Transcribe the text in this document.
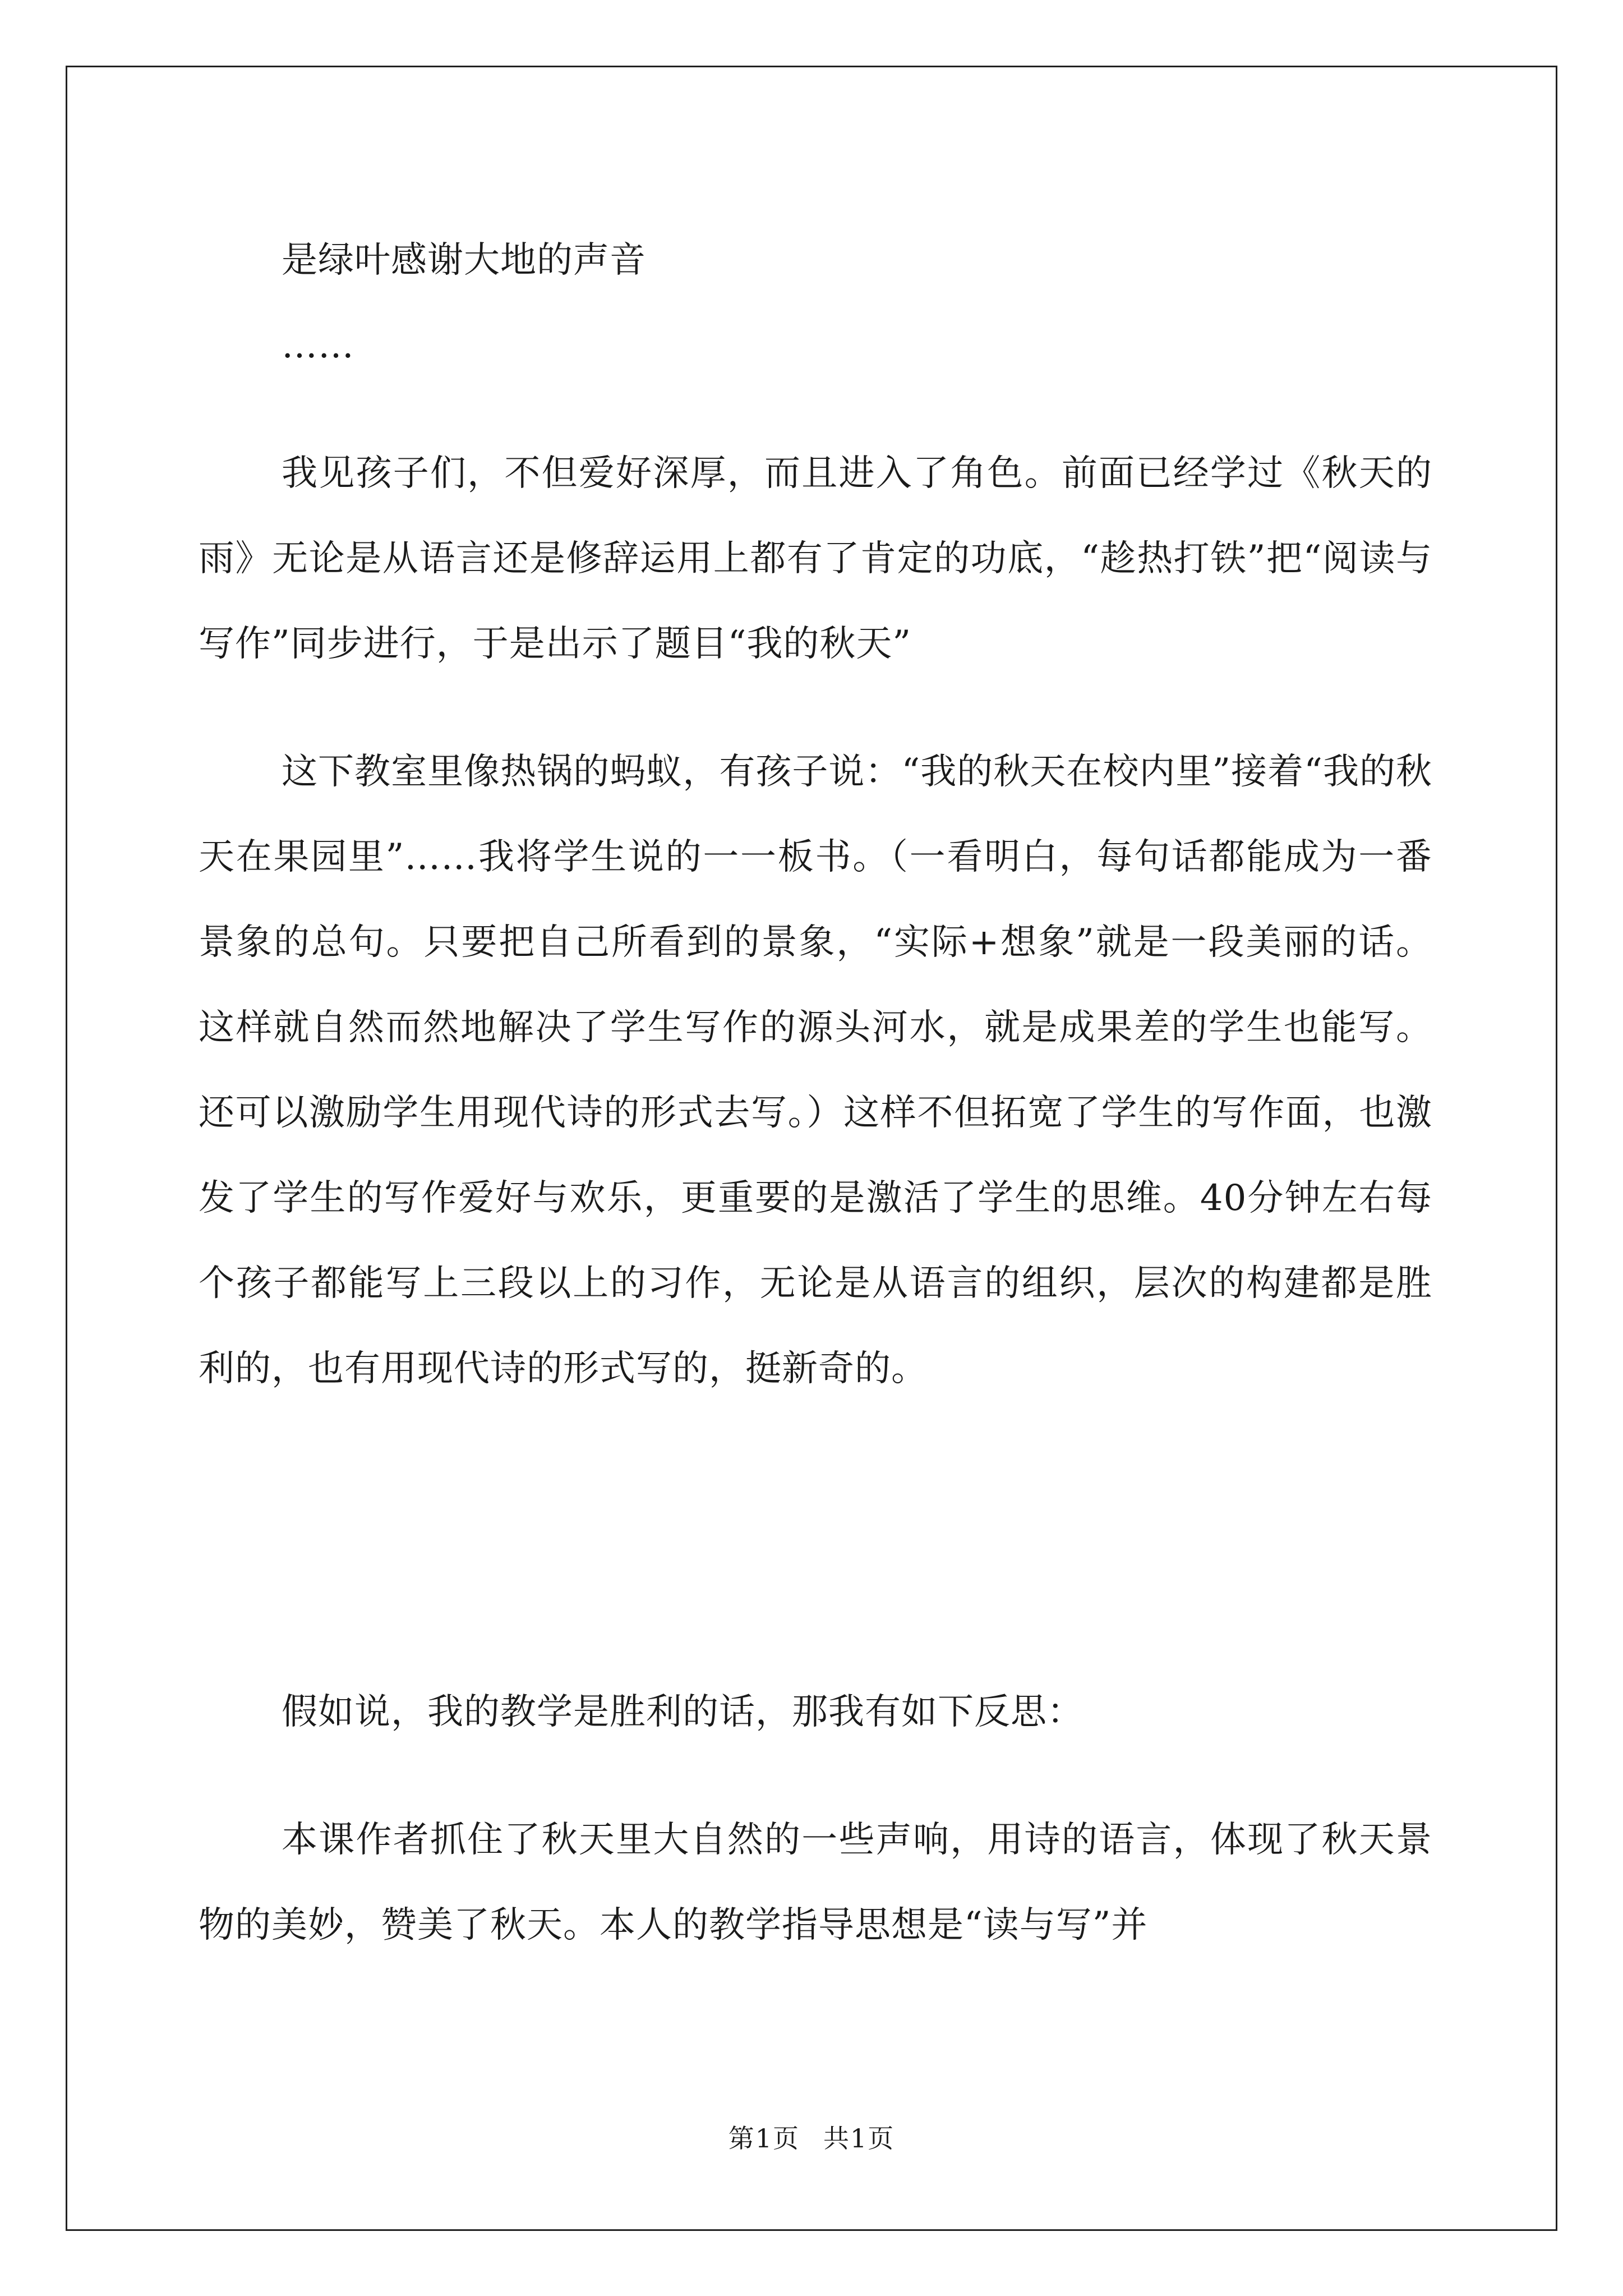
是绿叶感谢大地的声音

……

我见孩子们，不但爱好深厚，而且进入了角色。前面已经学过《秋天的雨》无论是从语言还是修辞运用上都有了肯定的功底，“趁热打铁”把“阅读与写作”同步进行，于是出示了题目“我的秋天”

这下教室里像热锅的蚂蚁，有孩子说：“我的秋天在校内里”接着“我的秋天在果园里”……我将学生说的一一板书。（一看明白，每句话都能成为一番景象的总句。只要把自己所看到的景象，“实际+想象”就是一段美丽的话。这样就自然而然地解决了学生写作的源头河水，就是成果差的学生也能写。还可以激励学生用现代诗的形式去写。）这样不但拓宽了学生的写作面，也激发了学生的写作爱好与欢乐，更重要的是激活了学生的思维。40分钟左右每个孩子都能写上三段以上的习作，无论是从语言的组织，层次的构建都是胜利的，也有用现代诗的形式写的，挺新奇的。

假如说，我的教学是胜利的话，那我有如下反思：

本课作者抓住了秋天里大自然的一些声响，用诗的语言，体现了秋天景物的美妙，赞美了秋天。本人的教学指导思想是“读与写”并

第1页 共1页
